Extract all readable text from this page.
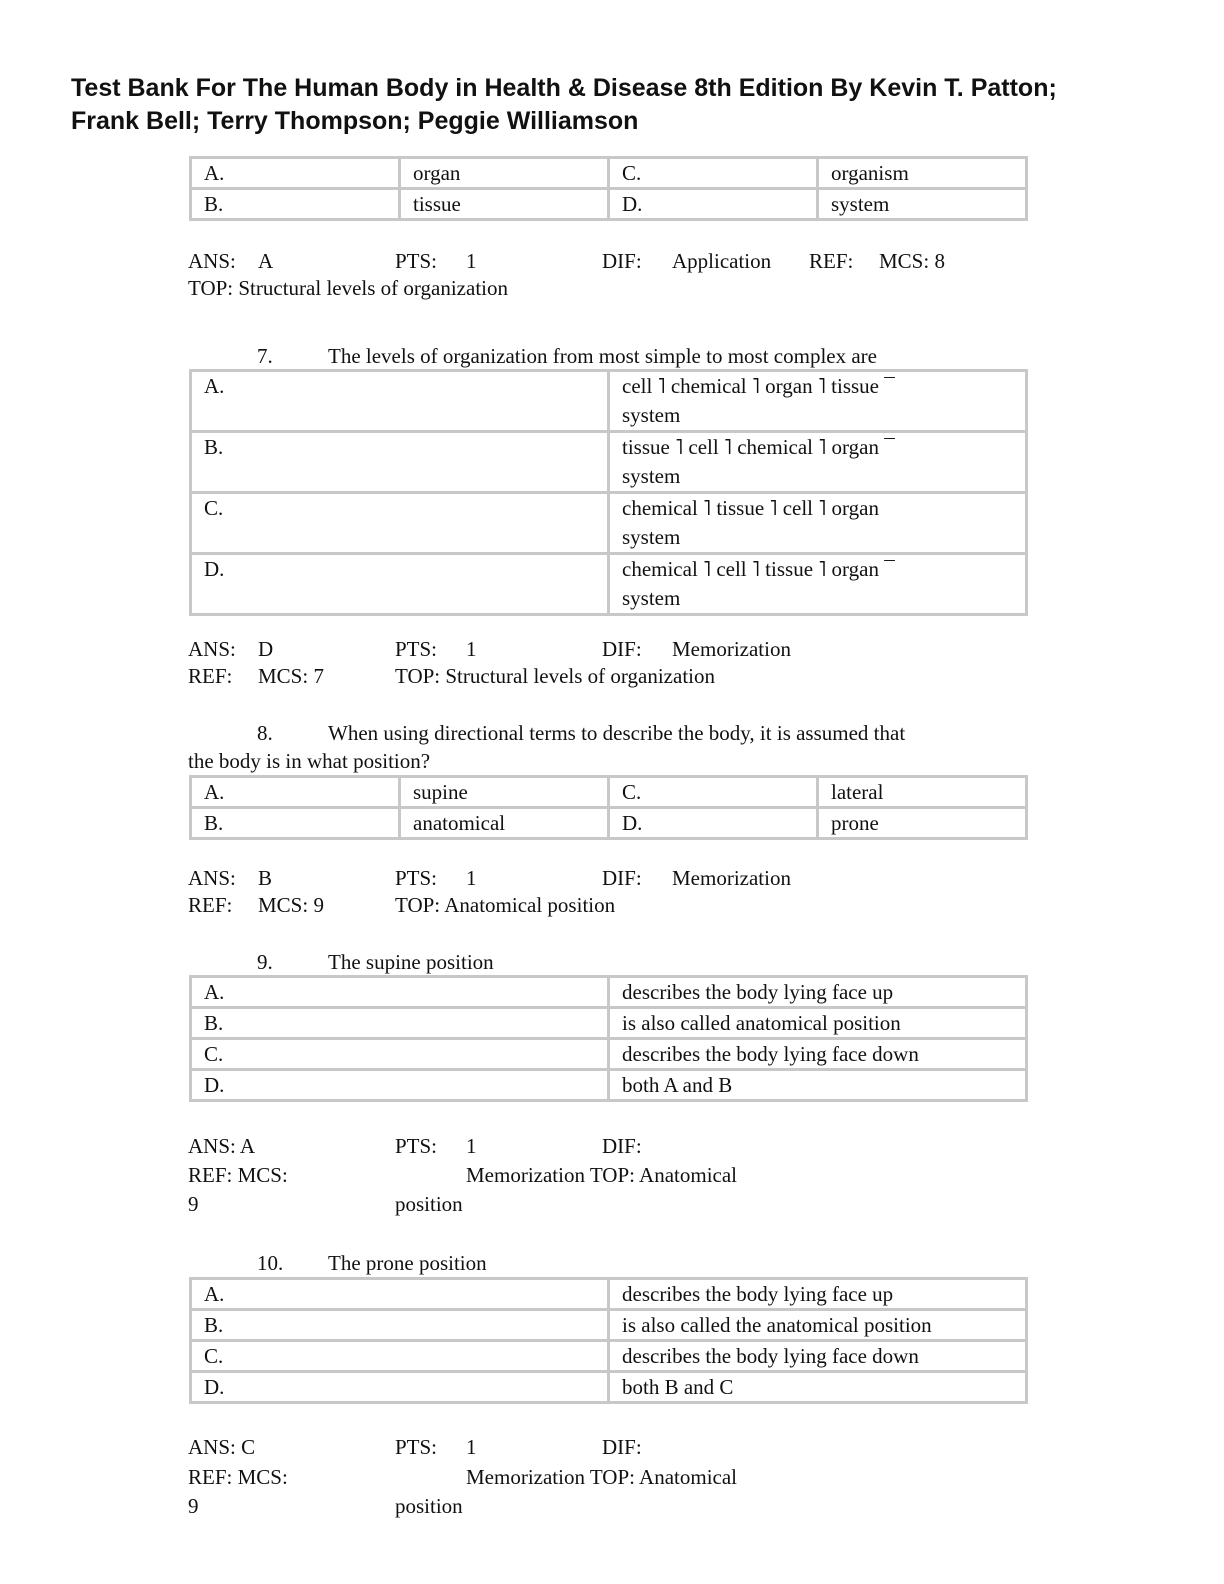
Test Bank For The Human Body in Health & Disease 8th Edition By Kevin T. Patton; Frank Bell; Terry Thompson; Peggie Williamson
A.	organ	C.	organism
B.	tissue	D.	system
ANS: A	PTS: 1	DIF: Application REF: MCS: 8
TOP: Structural levels of organization
7.	The levels of organization from most simple to most complex are
A.	cell ˥ chemical ˥ organ ˥ tissue ¯
system
B.	tissue ˥ cell ˥ chemical ˥ organ ¯
system
C.	chemical ˥ tissue ˥ cell ˥ organ
system
D.	chemical ˥ cell ˥ tissue ˥ organ ¯
system
ANS: D	PTS: 1	DIF: Memorization
REF: MCS: 7	TOP: Structural levels of organization
8.	When using directional terms to describe the body, it is assumed that
the body is in what position?
A.	supine	C.	lateral
B.	anatomical	D.	prone
ANS: B	PTS: 1	DIF: Memorization
REF: MCS: 9	TOP: Anatomical position
9.	The supine position
A.	describes the body lying face up
B.	is also called anatomical position
C.	describes the body lying face down
D.	both A and B
ANS: A	PTS: 1	DIF:
REF: MCS:	Memorization TOP: Anatomical
9	position
10. The prone position
A.	describes the body lying face up
B.	is also called the anatomical position
C.	describes the body lying face down
D.	both B and C
ANS: C	PTS: 1	DIF:
REF: MCS:	Memorization TOP: Anatomical
9	position
